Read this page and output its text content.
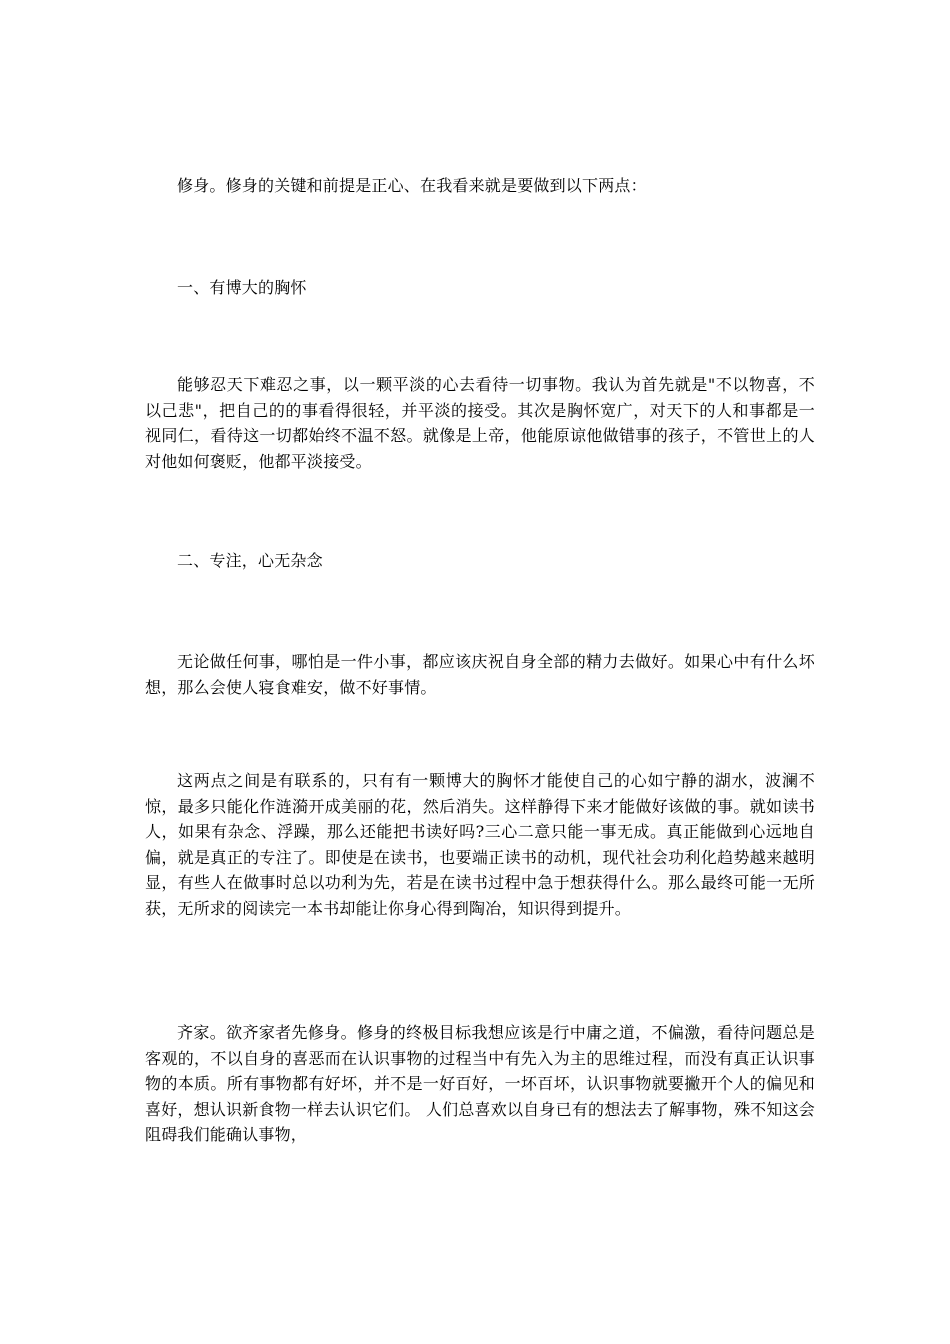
修身。修身的关键和前提是正心、在我看来就是要做到以下两点：

一、有博大的胸怀

能够忍天下难忍之事，以一颗平淡的心去看待一切事物。我认为首先就是"不以物喜，不以己悲"，把自己的的事看得很轻，并平淡的接受。其次是胸怀宽广，对天下的人和事都是一视同仁，看待这一切都始终不温不怒。就像是上帝，他能原谅他做错事的孩子，不管世上的人对他如何褒贬，他都平淡接受。

二、专注，心无杂念

无论做任何事，哪怕是一件小事，都应该庆祝自身全部的精力去做好。如果心中有什么坏想，那么会使人寝食难安，做不好事情。

这两点之间是有联系的，只有有一颗博大的胸怀才能使自己的心如宁静的湖水，波澜不惊，最多只能化作涟漪开成美丽的花，然后消失。这样静得下来才能做好该做的事。就如读书人，如果有杂念、浮躁，那么还能把书读好吗?三心二意只能一事无成。真正能做到心远地自偏，就是真正的专注了。即使是在读书，也要端正读书的动机，现代社会功利化趋势越来越明显，有些人在做事时总以功利为先，若是在读书过程中急于想获得什么。那么最终可能一无所获，无所求的阅读完一本书却能让你身心得到陶冶，知识得到提升。

齐家。欲齐家者先修身。修身的终极目标我想应该是行中庸之道，不偏激，看待问题总是客观的，不以自身的喜恶而在认识事物的过程当中有先入为主的思维过程，而没有真正认识事物的本质。所有事物都有好坏，并不是一好百好，一坏百坏，认识事物就要撇开个人的偏见和喜好，想认识新食物一样去认识它们。 人们总喜欢以自身已有的想法去了解事物，殊不知这会阻碍我们能确认事物，
